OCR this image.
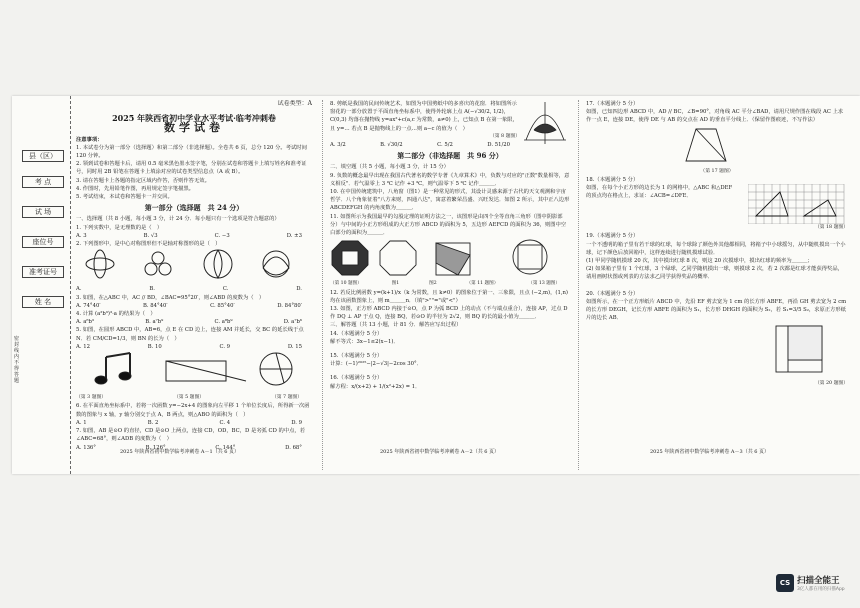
县（区）
考 点
试 场
座位号
准考证号
姓 名
密封线内不得答题

试卷类型：A

2025 年陕西省初中学业水平考试·临考冲刺卷

数学试卷

注意事项：

1. 本试卷分为第一部分（选择题）和第二部分（非选择题）。全卷共 6 页，总分 120 分。考试时间 120 分钟。

2. 领到试卷和答题卡后，请用 0.5 毫米黑色墨水签字笔，分别在试卷和答题卡上填写姓名和准考证号，同时用 2B 铅笔在答题卡上填涂对应的试卷类型信息点（A 或 B）。

3. 请在答题卡上各题的指定区域内作答，否则作答无效。

4. 作图时，先用铅笔作图，再用规定签字笔描黑。

5. 考试结束，本试卷和答题卡一并交回。

第一部分（选择题　共 24 分）

一、选择题（共 8 小题，每小题 3 分，计 24 分．每小题只有一个选项是符合题意的）

1. 下列实数中，是无理数的是（　）

A. 3	B. √3	C. −3	D. ±3

2. 下列图形中，是中心对称图形但不是轴对称图形的是（　）

A.	B.	C.	D.

3. 如图，在△ABC 中，AC // BD，∠BAC=95°20′，则∠ABD 的度数为（　）

A. 74°40′	B. 84°40′	C. 85°40′	D. 84°80′

4. 计算 (a²b³)³·a 的结果为（　）

A. a⁶b³	B. a⁷b⁹	C. a⁸b⁹	D. a⁷b⁶

5. 如图，在圆形 ABCD 中，AB=6，点 E 在 CD 边上，连接 AM 并延长，交 BC 的延长线于点 N．若 CM/CD=1/3，则 BN 的长为（　）

A. 12	B. 10	C. 9	D. 15
（第 3 题图）	（第 5 题图）	（第 7 题图）

6. 在平面直角坐标系中，若将一次函数 y=−2x+4 的图象向左平移 1 个单位长度后，所得新一次函数的图象与 x 轴，y 轴分别交于点 A，B 两点，则△ABO 的面积为（　）

A. 1	B. 2	C. 4	D. 9

7. 如图，AB 是⊙O 的直径，CD 是⊙O 上两点，连接 CD，OD，BC，D 是劣弧 CD 的中点，若∠ABC=68°，则∠ADB 的度数为（　）

A. 136°	B. 126°	C. 144°	D. 68°
2025 年陕西省初中数学临考冲刺卷 A－1（共 6 页）

8. 剪纸是我国的民间传统艺术，如图为中国剪纸中的多喜庆的花窗．将如图所示窗花的一部分放置于平面直角坐标系中，使得外轮廓上点 A(−√30/2, 1/2)，C(0,3) 均落在抛物线 y=ax²+c(a,c 为常数，a≠0) 上，已知点 B 在第一象限，且 y=… 若点 B 是抛物线上的一点…则 a−c 的值为（　）

（第 8 题图）

A. 3/2	B. √30/2	C. 5/2	D. 51/20

第二部分（非选择题　共 96 分）

二、填空题（共 5 小题，每小题 3 分，计 15 分）

9. 负数的概念最早出现在我国古代著名的数学专著《九章算术》中，负数与对应的"正数"数量相等，意义相反"．若气温零上 3 ℃ 记作 +3 ℃，则气温零下 5 ℃ 记作＿＿＿．

10. 在中国传统建筑中，八角窗（图1）是一种常见的形式，其设计灵感来源于古代的天文观测和宇宙哲学．八个角象征着"八方来财，四通八达"，寓意着繁荣昌盛、兴旺发达．如图 2 所示，其中正八边形 ABCDEFGH 的内角度数为＿＿＿．

11. 如图所示为我国最早的勾股定理的证明方法之一，该图形是由四个全等直角三角形（图中阴影部分）与中间的小正方形组成的大正方形 ABCD 的面积为 5，五边形 AEFCD 的面积为 36，则图中空白部分的面积为＿＿＿．

（第 10 题图）	图1	图2	（第 11 题图）	（第 13 题图）

12. 若反比例函数 y=(k+1)/x（k 为常数，且 k≠0）的图象位于第一、三象限，且点 (−2,m)，(1,n) 均在该函数图象上，则 m＿＿＿n．（填">""="或"<"）

13. 如图，正方形 ABCD 内接于⊙O，点 P 为弧 BCD 上的动点（不与端点重合），连接 AP，过点 D 作 DQ ⊥ AP 于点 Q，连接 BQ，若⊙O 的半径为 2√2，则 BQ 的长的最小值为＿＿＿．

三、解答题（共 13 小题，计 81 分．解答应写出过程）

14.（本题满分 5 分）

解不等式：3x−1≤2(x−1)．

15.（本题满分 5 分）

计算：(−1)²⁰²⁵−|2−√3|−2cos 30°．

16.（本题满分 5 分）

解方程：x/(x+2) + 1/(x²+2x) = 1．

2025 年陕西省初中数学临考冲刺卷 A－2（共 6 页）

17.（本题满分 5 分）

如图，已知四边形 ABCD 中，AD // BC，∠B=90°，对角线 AC 平分∠BAD，请用尺规作图在线段 AC 上求作一点 E，连接 DE，使得 DE 与 AB 的交点在 AD 的垂直平分线上．（保留作图痕迹，不写作法）

（第 17 题图）

18.（本题满分 5 分）

如图，在每个小正方形的边长为 1 的网格中，△ABC 和△DEF 的顶点均在格点上，求证：∠ACB=∠DFE．

（第 18 题图）

19.（本题满分 5 分）

一个不透明的箱子里有若干球的红球，每个球除了颜色外其他都相同，将箱子中小球摇匀，从中随机摸出一个小球，记下颜色后放回箱中，这样连续进行随机摸球试验．

(1) 甲同学随机摸球 20 次，其中摸出红球 8 次，则这 20 次摸球中，摸出红球的频率为＿＿＿；

(2) 如果箱子里有 1 个红球，3 个绿球，乙同学随机摸出一球，则摸球 2 次，若 2 次都是红球才能获得奖品，请用画树状图或列表的方法求乙同学获得奖品的概率．

20.（本题满分 5 分）

如图所示，在一个正方形纸片 ABCD 中，先沿 EF 剪去宽为 1 cm 的长方形 ABFE，再沿 GH 剪去宽为 2 cm 的长方形 DEGH，记长方形 ABFE 的面积为 S₁，长方形 DHGH 的面积为 S₂，若 S₁=3/5 S₂，求原正方形纸片的边长 AB．

（第 20 题图）

2025 年陕西省初中数学临考冲刺卷 A－3（共 6 页）
CS 扫描全能王
3亿人都在用的扫描App
